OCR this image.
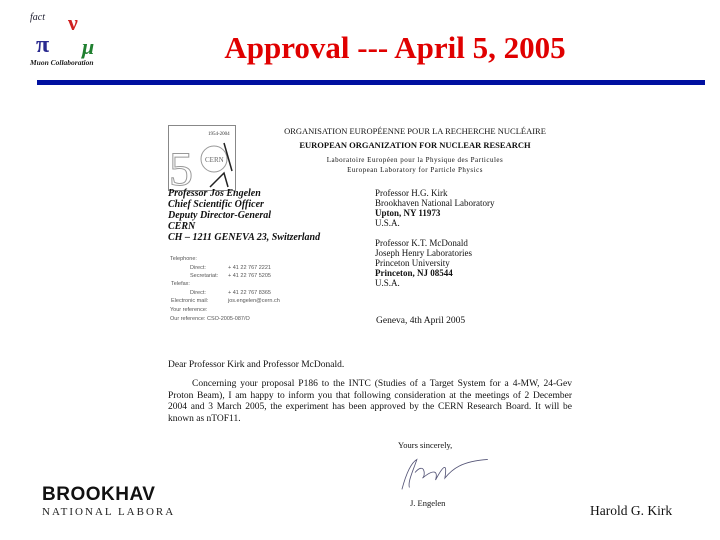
fact
π
ν
μ
Muon Collaboration	Approval --- April 5, 2005
5 CERN
1954-2004	ORGANISATION EUROPÉENNE POUR LA RECHERCHE NUCLÉAIRE
EUROPEAN ORGANIZATION FOR NUCLEAR RESEARCH
Laboratoire Européen pour la Physique des Particules
European Laboratory for Particle Physics
Professor Jos Engelen
Chief Scientific Officer
Deputy Director-General
CERN
CH – 1211 GENEVA 23, Switzerland
Professor H.G. Kirk
Brookhaven National Laboratory
Upton, NY 11973
U.S.A.
Professor K.T. McDonald
Joseph Henry Laboratories
Princeton University
Princeton, NJ 08544
U.S.A.
Telephone:
Direct:	+ 41 22 767 2221
Secretariat: + 41 22 767 5205
Telefax:
Direct:	+ 41 22 767 8365
Electronic mail:	jos.engelen@cern.ch
Your reference:
Our reference: CSO-2005-087/O	Geneva, 4th April 2005
Dear Professor Kirk and Professor McDonald.
Concerning your proposal P186 to the INTC (Studies of a Target System for a 4-MW, 24-Gev Proton Beam), I am happy to inform you that following consideration at the meetings of 2 December 2004 and 3 March 2005, the experiment has been approved by the CERN Research Board. It will be known as nTOF11.
Yours sincerely,
J. Engelen
BROOKHAV
NATIONAL LABORA	Harold G. Kirk
